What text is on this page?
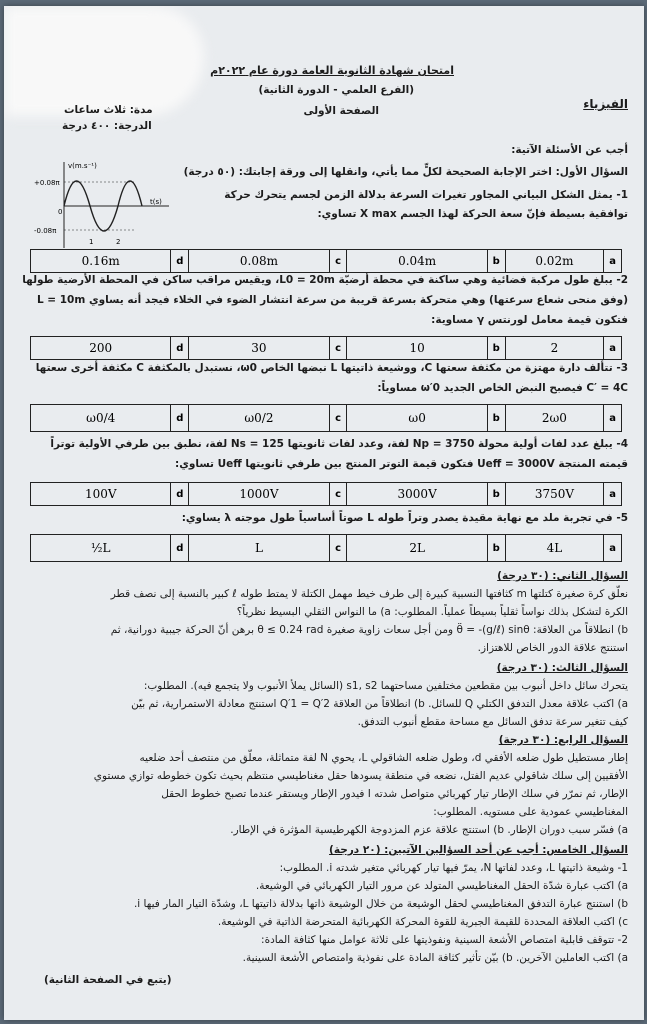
امتحان شهادة الثانوية العامة دورة عام ٢٠٢٢م
(الفرع العلمي - الدورة الثانية)
الصفحة الأولى	الفيزياء
مدة: ثلاث ساعات
الدرجة: ٤٠٠ درجة
أجب عن الأسئلة الآتية:
السؤال الأول: اختر الإجابة الصحيحة لكلٍّ مما يأتي، وانقلها إلى ورقة إجابتك: (٥٠ درجة)
v(m.s⁻¹)
t(s)
+0.08π
-0.08π
0
1	2
1- يمثل الشكل البياني المجاور تغيرات السرعة بدلالة الزمن لجسم يتحرك حركة
توافقية بسيطة فإنّ سعة الحركة لهذا الجسم X max تساوي:
0.16m	d	0.08m	c	0.04m	b	0.02m	a
2- يبلغ طول مركبة فضائية وهي ساكنة في محطة أرضيّة L0 = 20m، ويقيس مراقب ساكن في المحطة الأرضية طولها
(وفق منحى شعاع سرعتها) وهي متحركة بسرعة قريبة من سرعة انتشار الضوء في الخلاء فيجد أنه يساوي L = 10m
فتكون قيمة معامل لورنتس γ مساوية:
200	d	30	c	10	b	2	a
3- تتألف دارة مهتزة من مكثفة سعتها C، ووشيعة ذاتيتها L نبضها الخاص ω0، نستبدل بالمكثفة C مكثفة أخرى سعتها
C′ = 4C فيصبح النبض الخاص الجديد ω′0 مساوياً:
ω0/4	d	ω0/2	c	ω0	b	2ω0	a
4- يبلغ عدد لفات أولية محولة Np = 3750 لفة، وعدد لفات ثانويتها Ns = 125 لفة، نطبق بين طرفي الأولية توتراً
قيمته المنتجة Ueff = 3000V فتكون قيمة التوتر المنتج بين طرفي ثانويتها Ueff تساوي:
100V	d	1000V	c	3000V	b	3750V	a
5- في تجربة ملد مع نهاية مقيدة يصدر وتراً طوله L صوتاً أساسياً طول موجته λ يساوي:
½L	d	L	c	2L	b	4L	a
السؤال الثاني: (٣٠ درجة)
نعلّق كرة صغيرة كتلتها m كثافتها النسبية كبيرة إلى طرف خيط مهمل الكتلة لا يمتط طوله ℓ كبير بالنسبة إلى نصف قطر
الكرة لتشكل بذلك نواساً ثقلياً بسيطاً عملياً. المطلوب: a) ما النواس الثقلي البسيط نظرياً؟
b) انطلاقاً من العلاقة: θ̈ = -(g/ℓ) sinθ ومن أجل سعات زاوية صغيرة θ ≤ 0.24 rad برهن أنّ الحركة جيبية دورانية، ثم
استنتج علاقة الدور الخاص للاهتزاز.
السؤال الثالث: (٣٠ درجة)
يتحرك سائل داخل أنبوب بين مقطعين مختلفين مساحتهما s1, s2 (السائل يملأ الأنبوب ولا يتجمع فيه). المطلوب:
a) اكتب علاقة معدل التدفق الكتلي Q للسائل. b) انطلاقاً من العلاقة Q′1 = Q′2 استنتج معادلة الاستمرارية، ثم بيّن
كيف تتغير سرعة تدفق السائل مع مساحة مقطع أنبوب التدفق.
السؤال الرابع: (٣٠ درجة)
إطار مستطيل طول ضلعه الأفقي d، وطول ضلعه الشاقولي L، يحوي N لفة متماثلة، معلّق من منتصف أحد ضلعيه
الأفقيين إلى سلك شاقولي عديم الفتل، نضعه في منطقة يسودها حقل مغناطيسي منتظم بحيث تكون خطوطه توازي مستوي
الإطار، ثم نمرّر في سلك الإطار تيار كهربائي متواصل شدته I فيدور الإطار ويستقر عندما تصبح خطوط الحقل
المغناطيسي عمودية على مستويه. المطلوب:
a) فسّر سبب دوران الإطار. b) استنتج علاقة عزم المزدوجة الكهرطيسية المؤثرة في الإطار.
السؤال الخامس: أجب عن أحد السؤالين الآتيين: (٢٠ درجة)
1- وشيعة ذاتيتها L، وعدد لفاتها N، يمرّ فيها تيار كهربائي متغير شدته i. المطلوب:
a) اكتب عبارة شدّة الحقل المغناطيسي المتولد عن مرور التيار الكهربائي في الوشيعة.
b) استنتج عبارة التدفق المغناطيسي لحقل الوشيعة من خلال الوشيعة ذاتها بدلالة ذاتيتها L، وشدّة التيار المار فيها i.
c) اكتب العلاقة المحددة للقيمة الجبرية للقوة المحركة الكهربائية المتحرضة الذاتية في الوشيعة.
2- تتوقف قابلية امتصاص الأشعة السينية ونفوذيتها على ثلاثة عوامل منها كثافة المادة:
a) اكتب العاملين الآخرين. b) بيّن تأثير كثافة المادة على نفوذية وامتصاص الأشعة السينية.
(يتبع في الصفحة الثانية)
